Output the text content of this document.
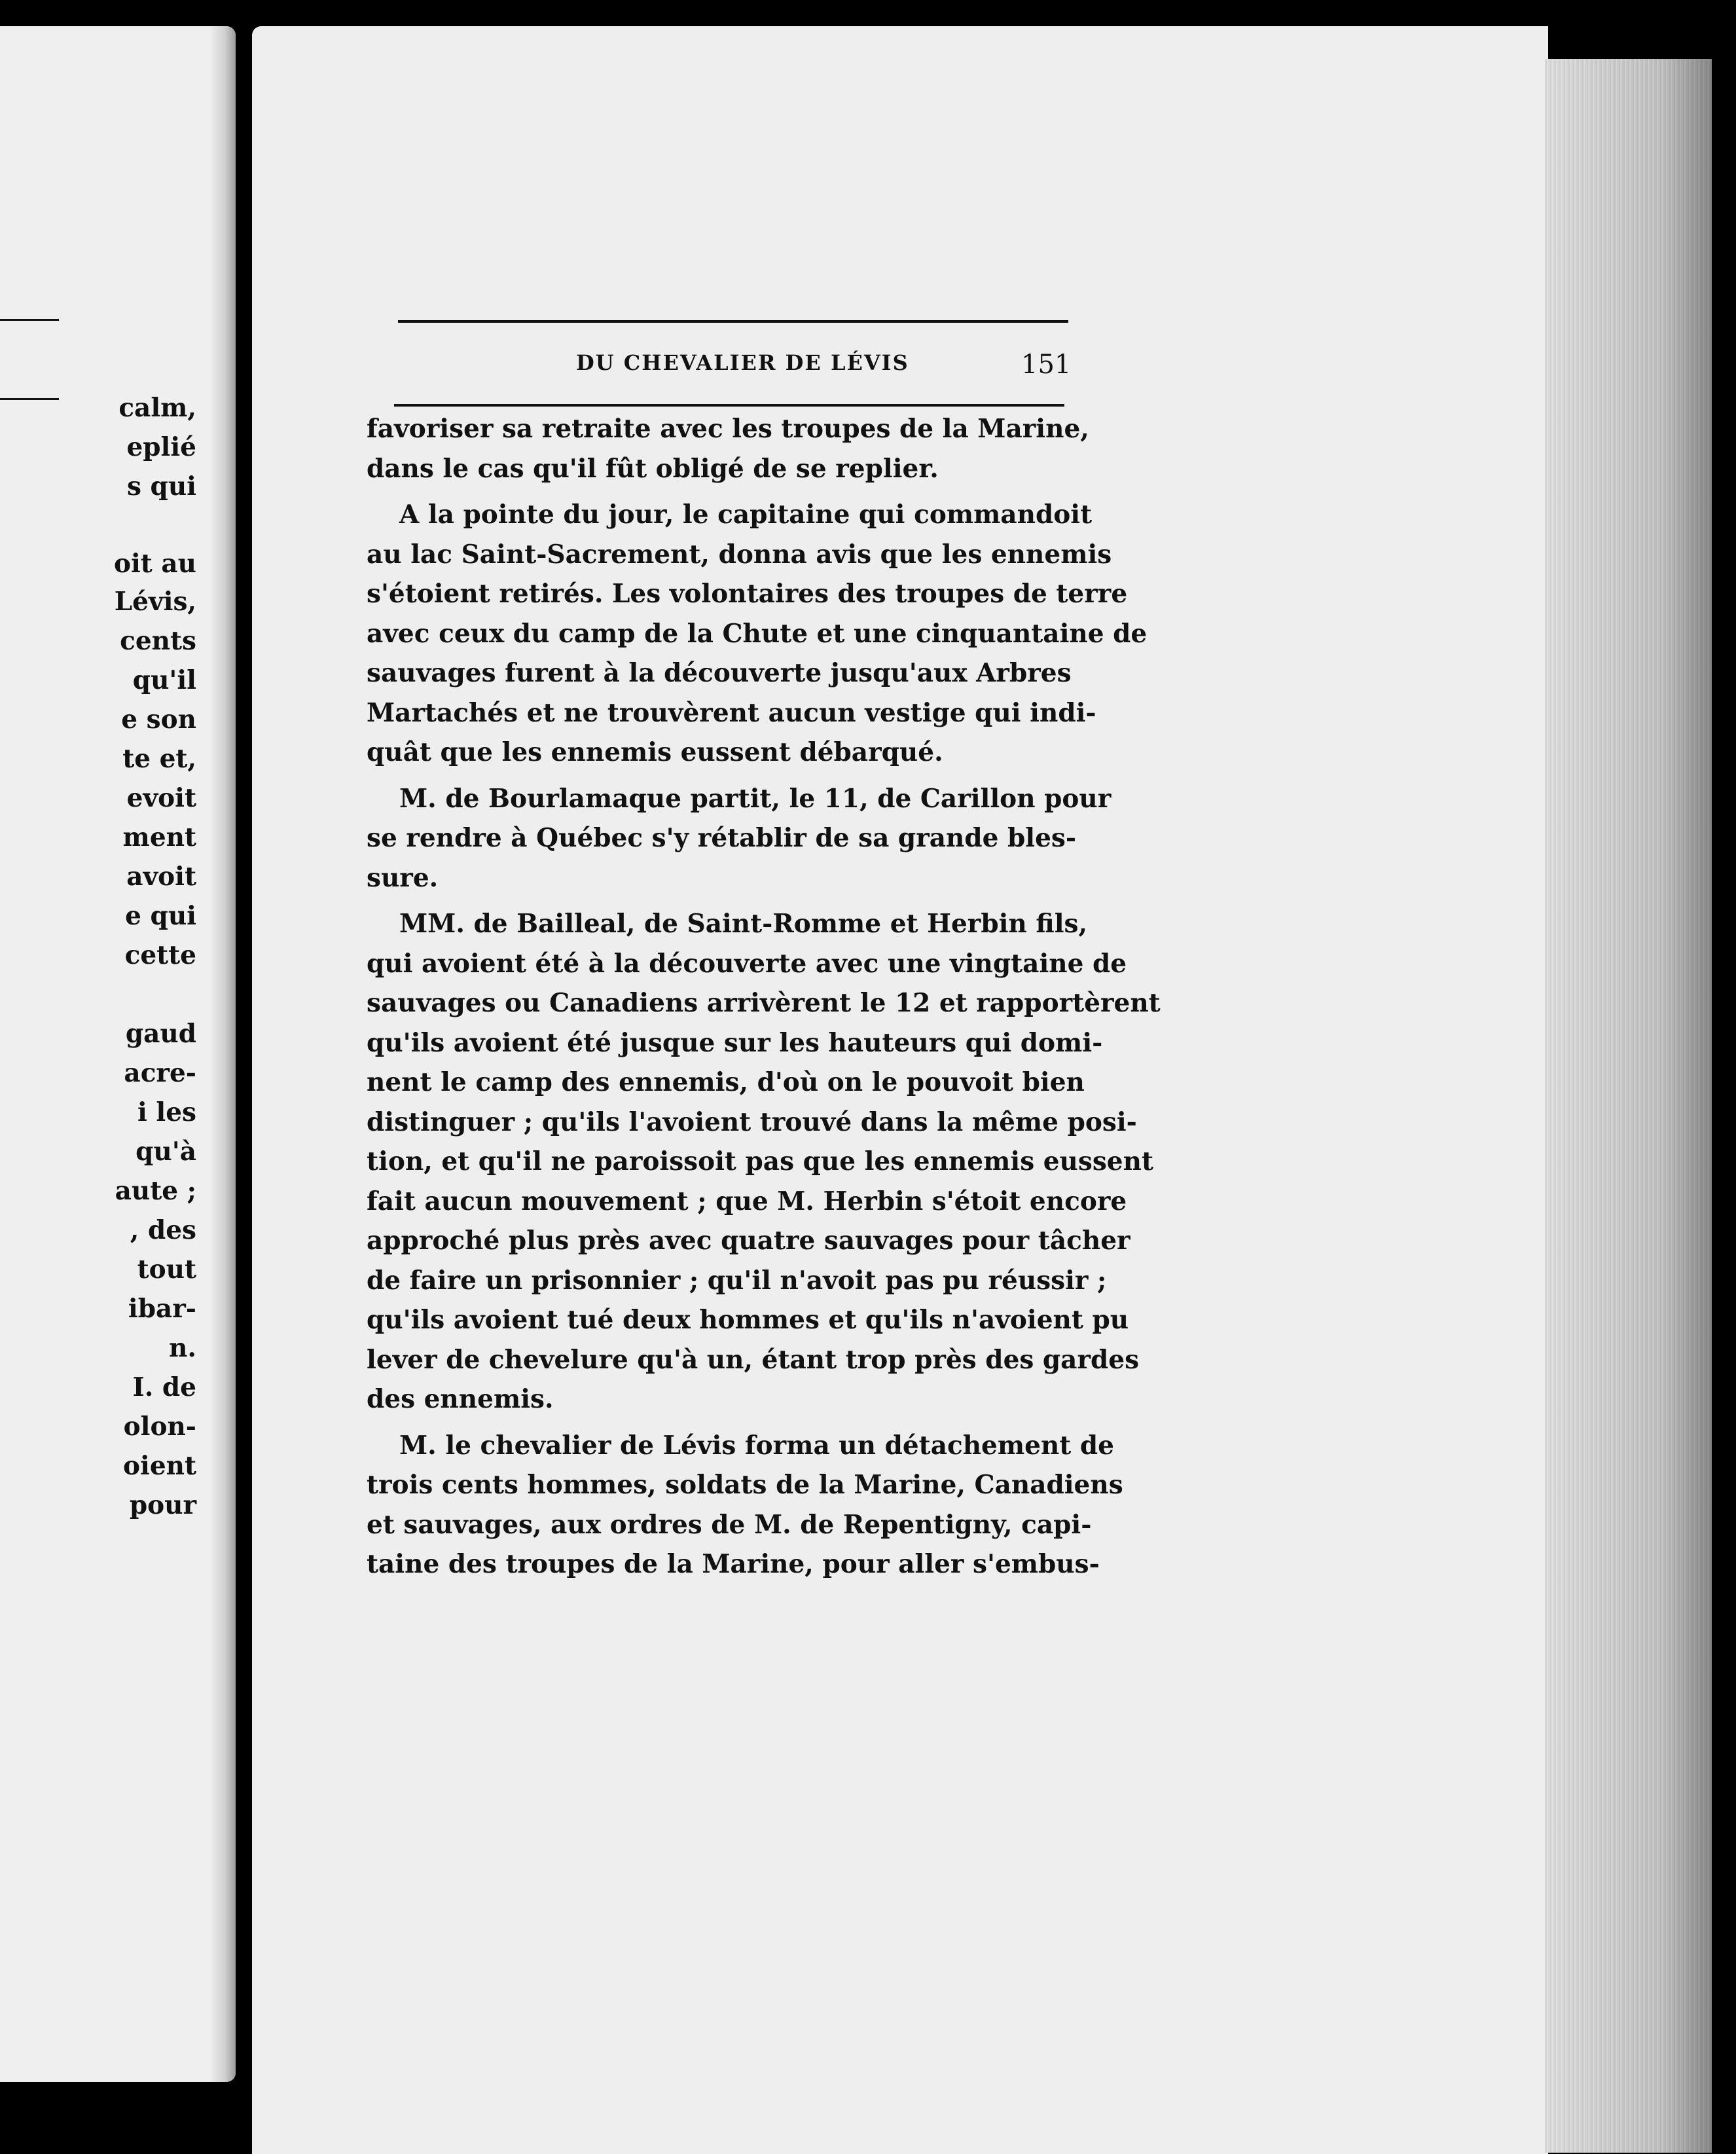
calm,
eplié
s qui
oit au
Lévis,
cents
qu'il
e son
te et,
evoit
ment
avoit
e qui
cette
gaud
acre-
i les
qu'à
aute ;
, des
tout
ibar-
n.
I. de
olon-
oient
pour
DU CHEVALIER DE LÉVIS	151

favoriser sa retraite avec les troupes de la Marine,
dans le cas qu'il fût obligé de se replier.

A la pointe du jour, le capitaine qui commandoit
au lac Saint-Sacrement, donna avis que les ennemis
s'étoient retirés. Les volontaires des troupes de terre
avec ceux du camp de la Chute et une cinquantaine de
sauvages furent à la découverte jusqu'aux Arbres
Martachés et ne trouvèrent aucun vestige qui indi-
quât que les ennemis eussent débarqué.

M. de Bourlamaque partit, le 11, de Carillon pour
se rendre à Québec s'y rétablir de sa grande bles-
sure.

MM. de Bailleal, de Saint-Romme et Herbin fils,
qui avoient été à la découverte avec une vingtaine de
sauvages ou Canadiens arrivèrent le 12 et rapportèrent
qu'ils avoient été jusque sur les hauteurs qui domi-
nent le camp des ennemis, d'où on le pouvoit bien
distinguer ; qu'ils l'avoient trouvé dans la même posi-
tion, et qu'il ne paroissoit pas que les ennemis eussent
fait aucun mouvement ; que M. Herbin s'étoit encore
approché plus près avec quatre sauvages pour tâcher
de faire un prisonnier ; qu'il n'avoit pas pu réussir ;
qu'ils avoient tué deux hommes et qu'ils n'avoient pu
lever de chevelure qu'à un, étant trop près des gardes
des ennemis.

M. le chevalier de Lévis forma un détachement de
trois cents hommes, soldats de la Marine, Canadiens
et sauvages, aux ordres de M. de Repentigny, capi-
taine des troupes de la Marine, pour aller s'embus-
